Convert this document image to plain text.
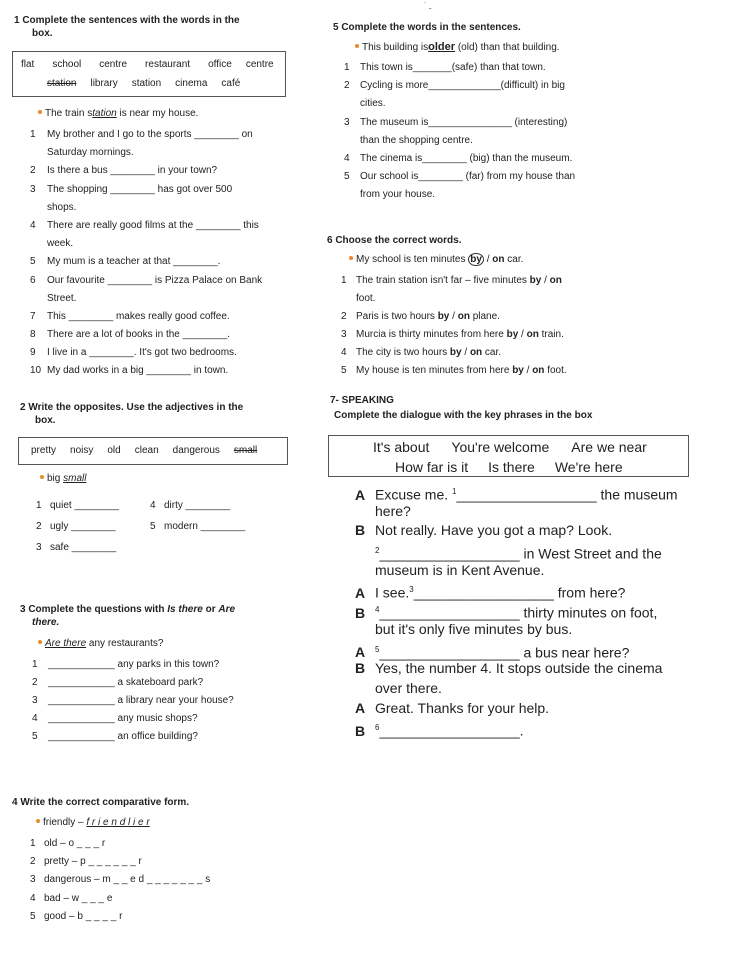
˙ ˍ
1 Complete the sentences with the words in the
box.
flat school centre restaurant office centre
station library station cinema café
The train station is near my house.
1 My brother and I go to the sports ________ on
Saturday mornings.
2 Is there a bus ________ in your town?
3 The shopping ________ has got over 500
shops.
4 There are really good films at the ________ this
week.
5 My mum is a teacher at that ________.
6 Our favourite ________ is Pizza Palace on Bank
Street.
7 This ________ makes really good coffee.
8 There are a lot of books in the ________.
9 I live in a ________. It's got two bedrooms.
10 My dad works in a big ________ in town.
2 Write the opposites. Use the adjectives in the
box.
pretty noisy old clean dangerous small
big small
1 quiet ________
2 ugly ________
3 safe ________
4 dirty ________
5 modern ________
3 Complete the questions with Is there or Are
there.
Are there any restaurants?
1 ____________ any parks in this town?
2 ____________ a skateboard park?
3 ____________ a library near your house?
4 ____________ any music shops?
5 ____________ an office building?
4 Write the correct comparative form.
friendly – f r i e n d l i e r
1 old – o _ _ _ r
2 pretty – p _ _ _ _ _ _ r
3 dangerous – m _ _ e d _ _ _ _ _ _ _ s
4 bad – w _ _ _ e
5 good – b _ _ _ _ r
5 Complete the words in the sentences.
This building isolder (old) than that building.
1 This town is_______(safe) than that town.
2 Cycling is more_____________(difficult) in big
cities.
3 The museum is_______________ (interesting)
than the shopping centre.
4 The cinema is________ (big) than the museum.
5 Our school is________ (far) from my house than
from your house.
6 Choose the correct words.
My school is ten minutes by / on car.
1 The train station isn't far – five minutes by / on
foot.
2 Paris is two hours by / on plane.
3 Murcia is thirty minutes from here by / on train.
4 The city is two hours by / on car.
5 My house is ten minutes from here by / on foot.
7- SPEAKING
Complete the dialogue with the key phrases in the box
It's about You're welcome Are we near
How far is it Is there We're here
A Excuse me. $^1$__________________ the museum
here?
B Not really. Have you got a map? Look.
$^2$__________________ in West Street and the
museum is in Kent Avenue.
A I see.$^3$__________________ from here?
B $^4$__________________ thirty minutes on foot,
but it's only five minutes by bus.
A $^5$__________________ a bus near here?
B Yes, the number 4. It stops outside the cinema
over there.
A Great. Thanks for your help.
B $^6$__________________.
